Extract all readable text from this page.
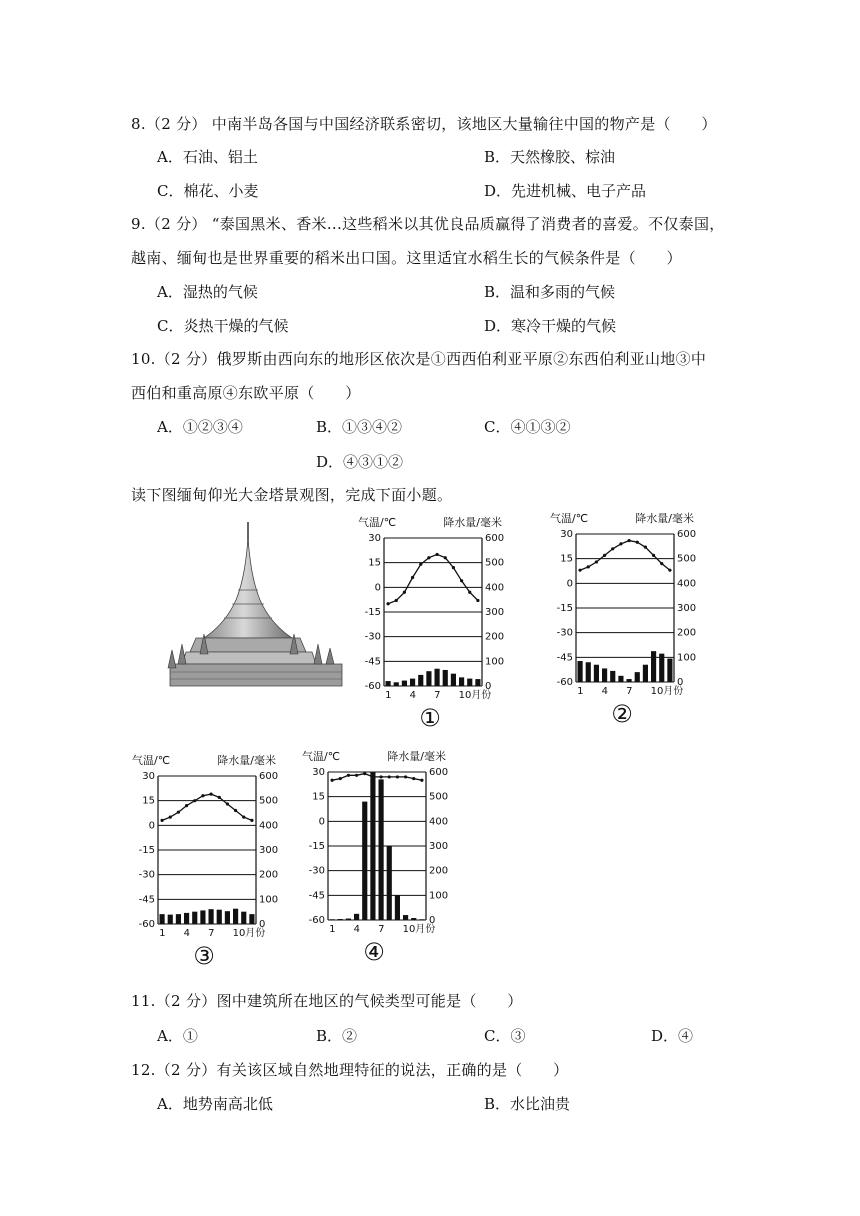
8.（2 分） 中南半岛各国与中国经济联系密切，该地区大量输往中国的物产是（　　）
A．石油、铝土	B．天然橡胶、棕油
C．棉花、小麦	D．先进机械、电子产品
9.（2 分） “泰国黑米、香米...这些稻米以其优良品质赢得了消费者的喜爱。不仅泰国，
越南、缅甸也是世界重要的稻米出口国。这里适宜水稻生长的气候条件是（　　）
A．湿热的气候	B．温和多雨的气候
C．炎热干燥的气候	D．寒冷干燥的气候
10.（2 分）俄罗斯由西向东的地形区依次是①西西伯利亚平原②东西伯利亚山地③中
西伯和重高原④东欧平原（　　）
A．①②③④	B．①③④②	C．④①③②
D．④③①②
读下图缅甸仰光大金塔景观图，完成下面小题。
气温/℃	降水量/毫米
30	600
15	500
0	400
-15	300
-30	200
-45	100
-60	0
1 4 7 10月份
①
气温/℃	降水量/毫米
30	600
15	500
0	400
-15	300
-30	200
-45	100
-60	0
1 4 7 10月份
②
气温/℃	降水量/毫米
30	600
15	500
0	400
-15	300
-30	200
-45	100
-60	0
1 4 7 10月份
③
气温/℃	降水量/毫米
30	600
15	500
0	400
-15	300
-30	200
-45	100
-60	0
1 4 7 10月份
④
11.（2 分）图中建筑所在地区的气候类型可能是（　　）
A．①	B．②	C．③	D．④
12.（2 分）有关该区域自然地理特征的说法，正确的是（　　）
A．地势南高北低	B．水比油贵
